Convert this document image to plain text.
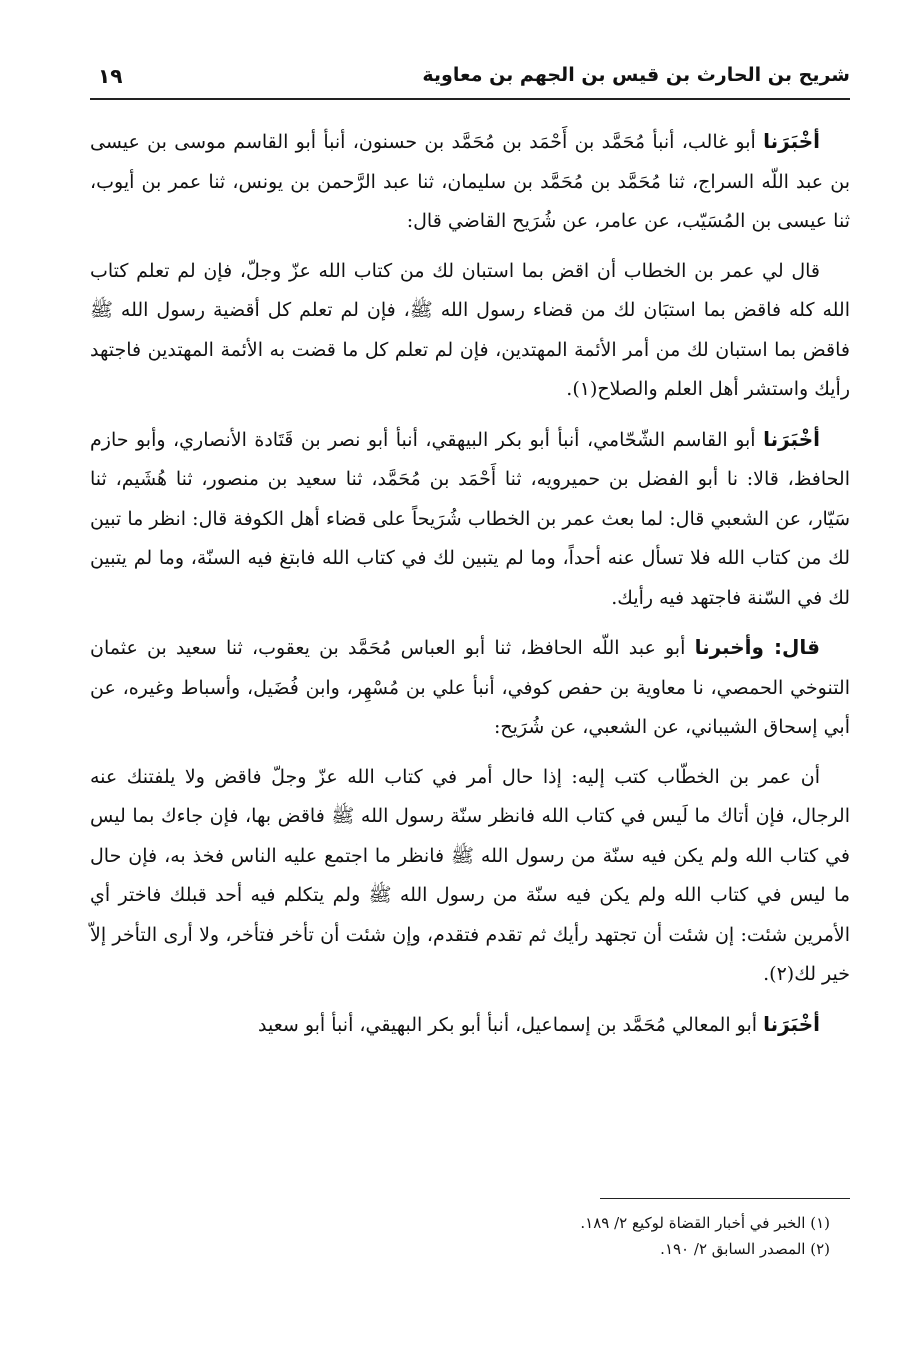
شريح بن الحارث بن قيس بن الجهم بن معاوية
١٩

أخْبَرَنا أبو غالب، أنبأ مُحَمَّد بن أَحْمَد بن مُحَمَّد بن حسنون، أنبأ أبو القاسم موسى بن عيسى بن عبد اللّه السراج، ثنا مُحَمَّد بن مُحَمَّد بن سليمان، ثنا عبد الرَّحمن بن يونس، ثنا عمر بن أيوب، ثنا عيسى بن المُسَيّب، عن عامر، عن شُرَيح القاضي قال:

قال لي عمر بن الخطاب أن اقض بما استبان لك من كتاب الله عزّ وجلّ، فإن لم تعلم كتاب الله كله فاقض بما استبَان لك من قضاء رسول الله ﷺ، فإن لم تعلم كل أقضية رسول الله ﷺ فاقض بما استبان لك من أمر الأئمة المهتدين، فإن لم تعلم كل ما قضت به الأئمة المهتدين فاجتهد رأيك واستشر أهل العلم والصلاح(١).

أخْبَرَنا أبو القاسم الشّحّامي، أنبأ أبو بكر البيهقي، أنبأ أبو نصر بن قَتَادة الأنصاري، وأبو حازم الحافظ، قالا: نا أبو الفضل بن حميرويه، ثنا أَحْمَد بن مُحَمَّد، ثنا سعيد بن منصور، ثنا هُشَيم، ثنا سَيّار، عن الشعبي قال: لما بعث عمر بن الخطاب شُرَيحاً على قضاء أهل الكوفة قال: انظر ما تبين لك من كتاب الله فلا تسأل عنه أحداً، وما لم يتبين لك في كتاب الله فابتغ فيه السنّة، وما لم يتبين لك في السّنة فاجتهد فيه رأيك.

قال: وأخبرنا أبو عبد اللّه الحافظ، ثنا أبو العباس مُحَمَّد بن يعقوب، ثنا سعيد بن عثمان التنوخي الحمصي، نا معاوية بن حفص كوفي، أنبأ علي بن مُسْهِر، وابن فُضَيل، وأسباط وغيره، عن أبي إسحاق الشيباني، عن الشعبي، عن شُرَيح:

أن عمر بن الخطّاب كتب إليه: إذا حال أمر في كتاب الله عزّ وجلّ فاقض ولا يلفتنك عنه الرجال، فإن أتاك ما لَيس في كتاب الله فانظر سنّة رسول الله ﷺ فاقض بها، فإن جاءك بما ليس في كتاب الله ولم يكن فيه سنّة من رسول الله ﷺ فانظر ما اجتمع عليه الناس فخذ به، فإن حال ما ليس في كتاب الله ولم يكن فيه سنّة من رسول الله ﷺ ولم يتكلم فيه أحد قبلك فاختر أي الأمرين شئت: إن شئت أن تجتهد رأيك ثم تقدم فتقدم، وإن شئت أن تأخر فتأخر، ولا أرى التأخر إلاّ خير لك(٢).

أخْبَرَنا أبو المعالي مُحَمَّد بن إسماعيل، أنبأ أبو بكر البهيقي، أنبأ أبو سعيد

(١) الخبر في أخبار القضاة لوكيع ٢/ ١٨٩.
(٢) المصدر السابق ٢/ ١٩٠.
